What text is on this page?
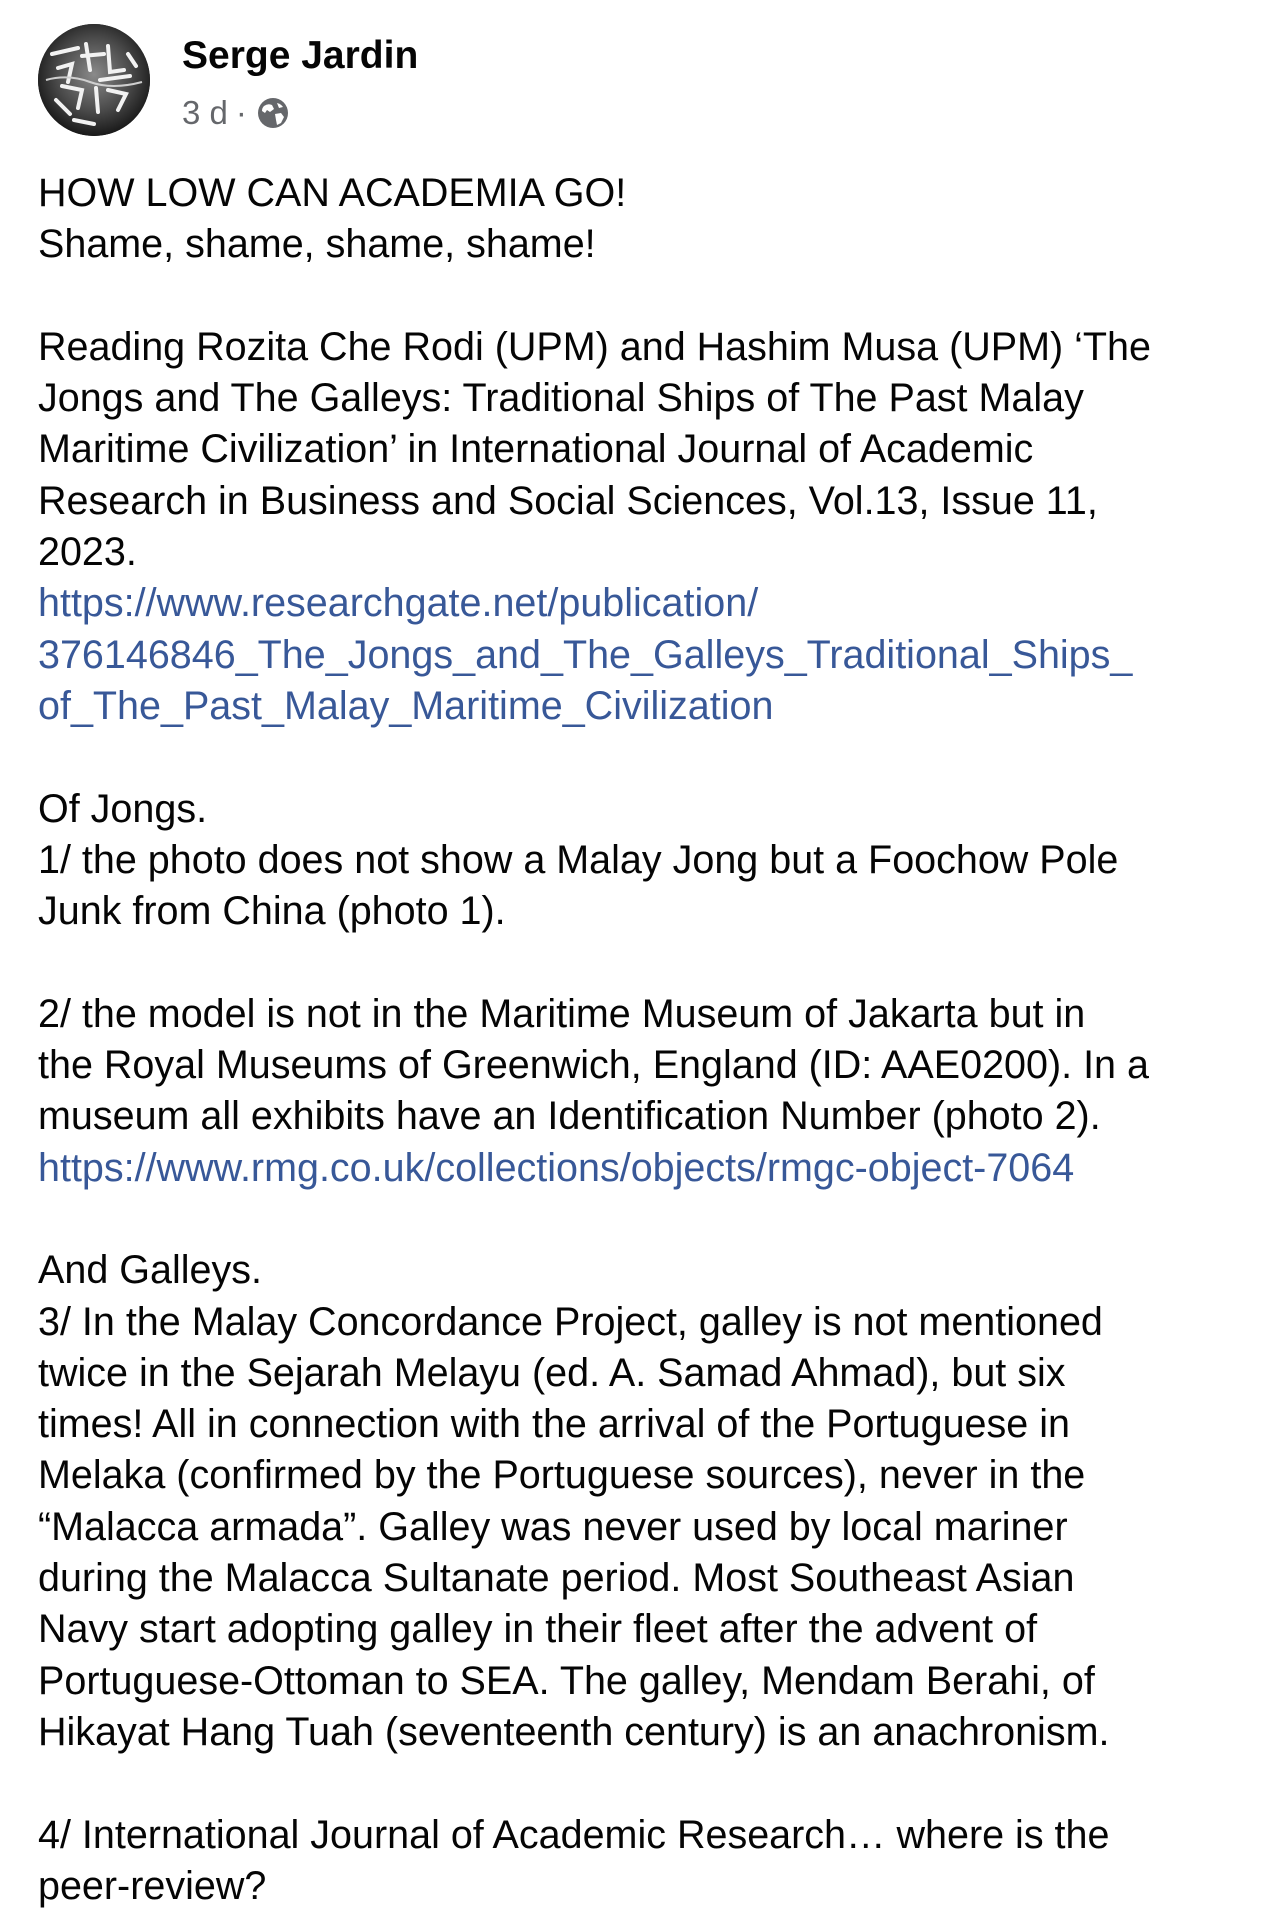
Serge Jardin
3 d ·

HOW LOW CAN ACADEMIA GO!
Shame, shame, shame, shame!

Reading Rozita Che Rodi (UPM) and Hashim Musa (UPM) ‘The
Jongs and The Galleys: Traditional Ships of The Past Malay
Maritime Civilization’ in International Journal of Academic
Research in Business and Social Sciences, Vol.13, Issue 11,
2023.
https://www.researchgate.net/publication/
376146846_The_Jongs_and_The_Galleys_Traditional_Ships_
of_The_Past_Malay_Maritime_Civilization

Of Jongs.
1/ the photo does not show a Malay Jong but a Foochow Pole
Junk from China (photo 1).

2/ the model is not in the Maritime Museum of Jakarta but in
the Royal Museums of Greenwich, England (ID: AAE0200). In a
museum all exhibits have an Identification Number (photo 2).
https://www.rmg.co.uk/collections/objects/rmgc-object-7064

And Galleys.
3/ In the Malay Concordance Project, galley is not mentioned
twice in the Sejarah Melayu (ed. A. Samad Ahmad), but six
times! All in connection with the arrival of the Portuguese in
Melaka (confirmed by the Portuguese sources), never in the
“Malacca armada”. Galley was never used by local mariner
during the Malacca Sultanate period. Most Southeast Asian
Navy start adopting galley in their fleet after the advent of
Portuguese-Ottoman to SEA. The galley, Mendam Berahi, of
Hikayat Hang Tuah (seventeenth century) is an anachronism.

4/ International Journal of Academic Research… where is the
peer-review?
